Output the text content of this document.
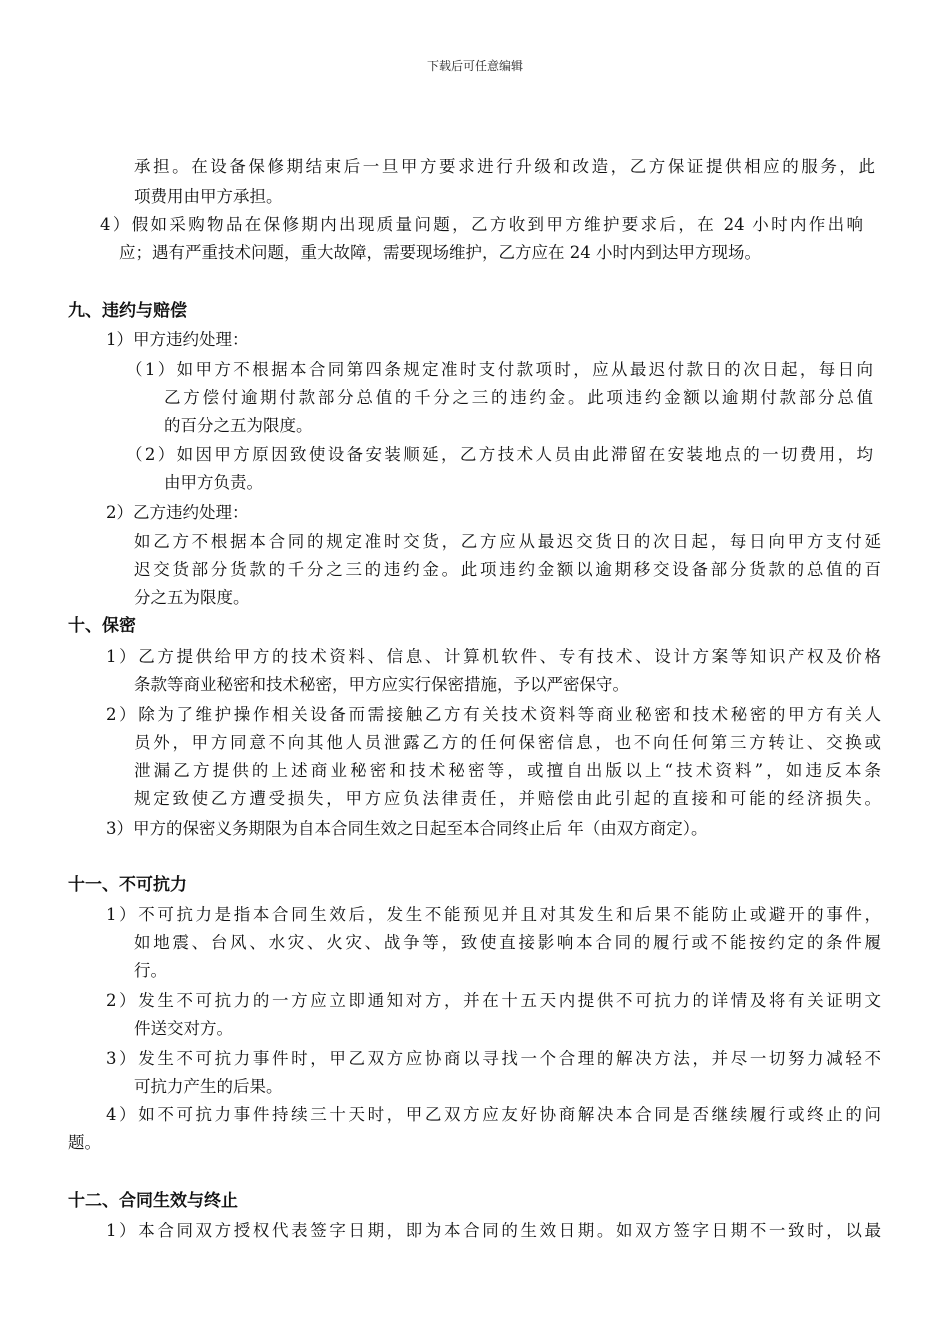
下载后可任意编辑
承担。在设备保修期结束后一旦甲方要求进行升级和改造，乙方保证提供相应的服务，此
项费用由甲方承担。
4）假如采购物品在保修期内出现质量问题，乙方收到甲方维护要求后，在 24 小时内作出响
应；遇有严重技术问题，重大故障，需要现场维护，乙方应在 24 小时内到达甲方现场。
九、违约与赔偿
1）甲方违约处理：
（1）如甲方不根据本合同第四条规定准时支付款项时，应从最迟付款日的次日起，每日向
乙方偿付逾期付款部分总值的千分之三的违约金。此项违约金额以逾期付款部分总值
的百分之五为限度。
（2）如因甲方原因致使设备安装顺延，乙方技术人员由此滞留在安装地点的一切费用，均
由甲方负责。
2）乙方违约处理：
如乙方不根据本合同的规定准时交货，乙方应从最迟交货日的次日起，每日向甲方支付延
迟交货部分货款的千分之三的违约金。此项违约金额以逾期移交设备部分货款的总值的百
分之五为限度。
十、保密
1）乙方提供给甲方的技术资料、信息、计算机软件、专有技术、设计方案等知识产权及价格
条款等商业秘密和技术秘密，甲方应实行保密措施，予以严密保守。
2）除为了维护操作相关设备而需接触乙方有关技术资料等商业秘密和技术秘密的甲方有关人
员外，甲方同意不向其他人员泄露乙方的任何保密信息，也不向任何第三方转让、交换或
泄漏乙方提供的上述商业秘密和技术秘密等，或擅自出版以上“技术资料”，如违反本条
规定致使乙方遭受损失，甲方应负法律责任，并赔偿由此引起的直接和可能的经济损失。
3）甲方的保密义务期限为自本合同生效之日起至本合同终止后 年（由双方商定）。
十一、不可抗力
1）不可抗力是指本合同生效后，发生不能预见并且对其发生和后果不能防止或避开的事件，
如地震、台风、水灾、火灾、战争等，致使直接影响本合同的履行或不能按约定的条件履
行。
2）发生不可抗力的一方应立即通知对方，并在十五天内提供不可抗力的详情及将有关证明文
件送交对方。
3）发生不可抗力事件时，甲乙双方应协商以寻找一个合理的解决方法，并尽一切努力减轻不
可抗力产生的后果。
4）如不可抗力事件持续三十天时，甲乙双方应友好协商解决本合同是否继续履行或终止的问
题。
十二、合同生效与终止
1）本合同双方授权代表签字日期，即为本合同的生效日期。如双方签字日期不一致时，以最
